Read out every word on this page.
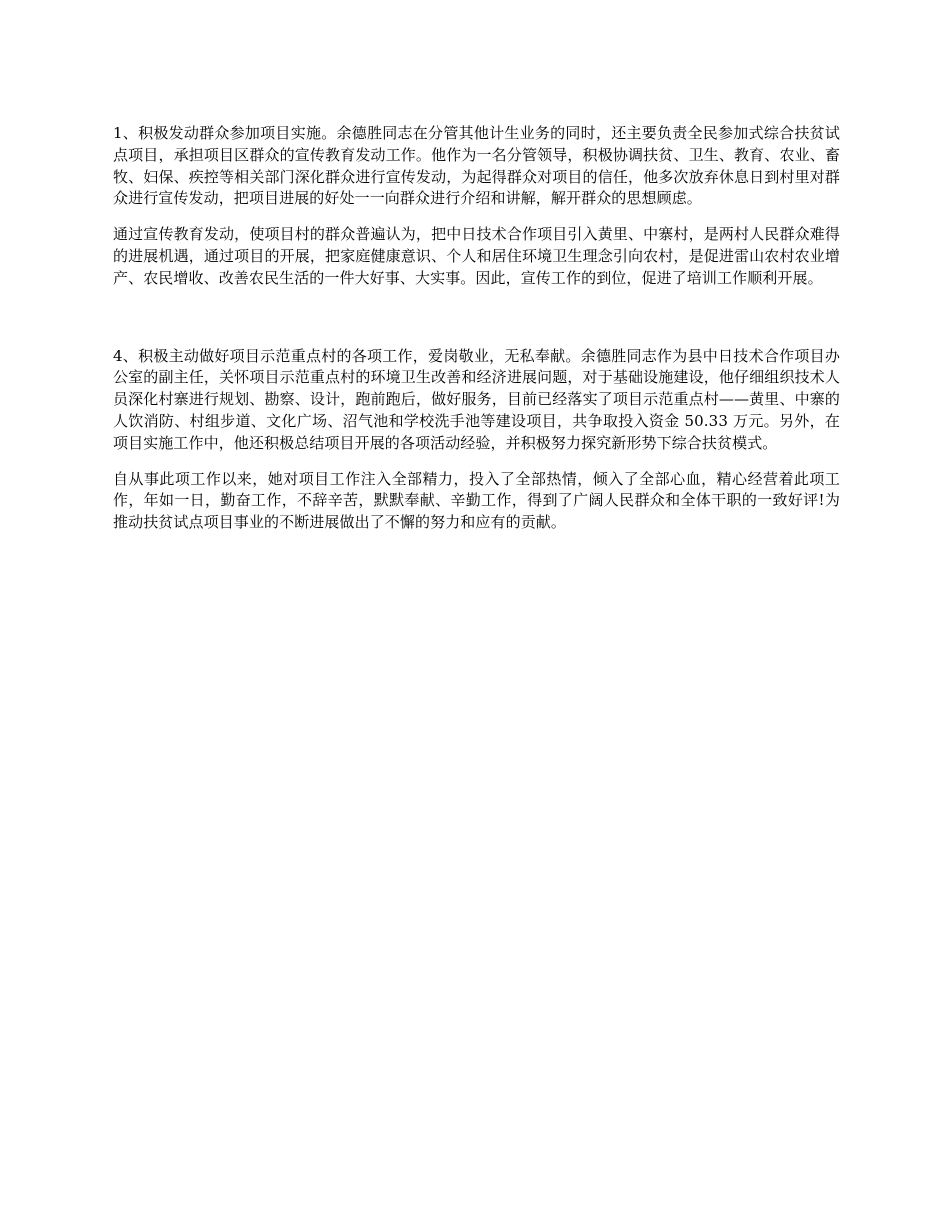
1、积极发动群众参加项目实施。余德胜同志在分管其他计生业务的同时，还主要负责全民参加式综合扶贫试点项目，承担项目区群众的宣传教育发动工作。他作为一名分管领导，积极协调扶贫、卫生、教育、农业、畜牧、妇保、疾控等相关部门深化群众进行宣传发动，为起得群众对项目的信任，他多次放弃休息日到村里对群众进行宣传发动，把项目进展的好处一一向群众进行介绍和讲解，解开群众的思想顾虑。

通过宣传教育发动，使项目村的群众普遍认为，把中日技术合作项目引入黄里、中寨村，是两村人民群众难得的进展机遇，通过项目的开展，把家庭健康意识、个人和居住环境卫生理念引向农村，是促进雷山农村农业增产、农民增收、改善农民生活的一件大好事、大实事。因此，宣传工作的到位，促进了培训工作顺利开展。

4、积极主动做好项目示范重点村的各项工作，爱岗敬业，无私奉献。余德胜同志作为县中日技术合作项目办公室的副主任，关怀项目示范重点村的环境卫生改善和经济进展问题，对于基础设施建设，他仔细组织技术人员深化村寨进行规划、勘察、设计，跑前跑后，做好服务，目前已经落实了项目示范重点村——黄里、中寨的人饮消防、村组步道、文化广场、沼气池和学校洗手池等建设项目，共争取投入资金 50.33 万元。另外，在项目实施工作中，他还积极总结项目开展的各项活动经验，并积极努力探究新形势下综合扶贫模式。

自从事此项工作以来，她对项目工作注入全部精力，投入了全部热情，倾入了全部心血，精心经营着此项工作，年如一日，勤奋工作，不辞辛苦，默默奉献、辛勤工作，得到了广阔人民群众和全体干职的一致好评!为推动扶贫试点项目事业的不断进展做出了不懈的努力和应有的贡献。
